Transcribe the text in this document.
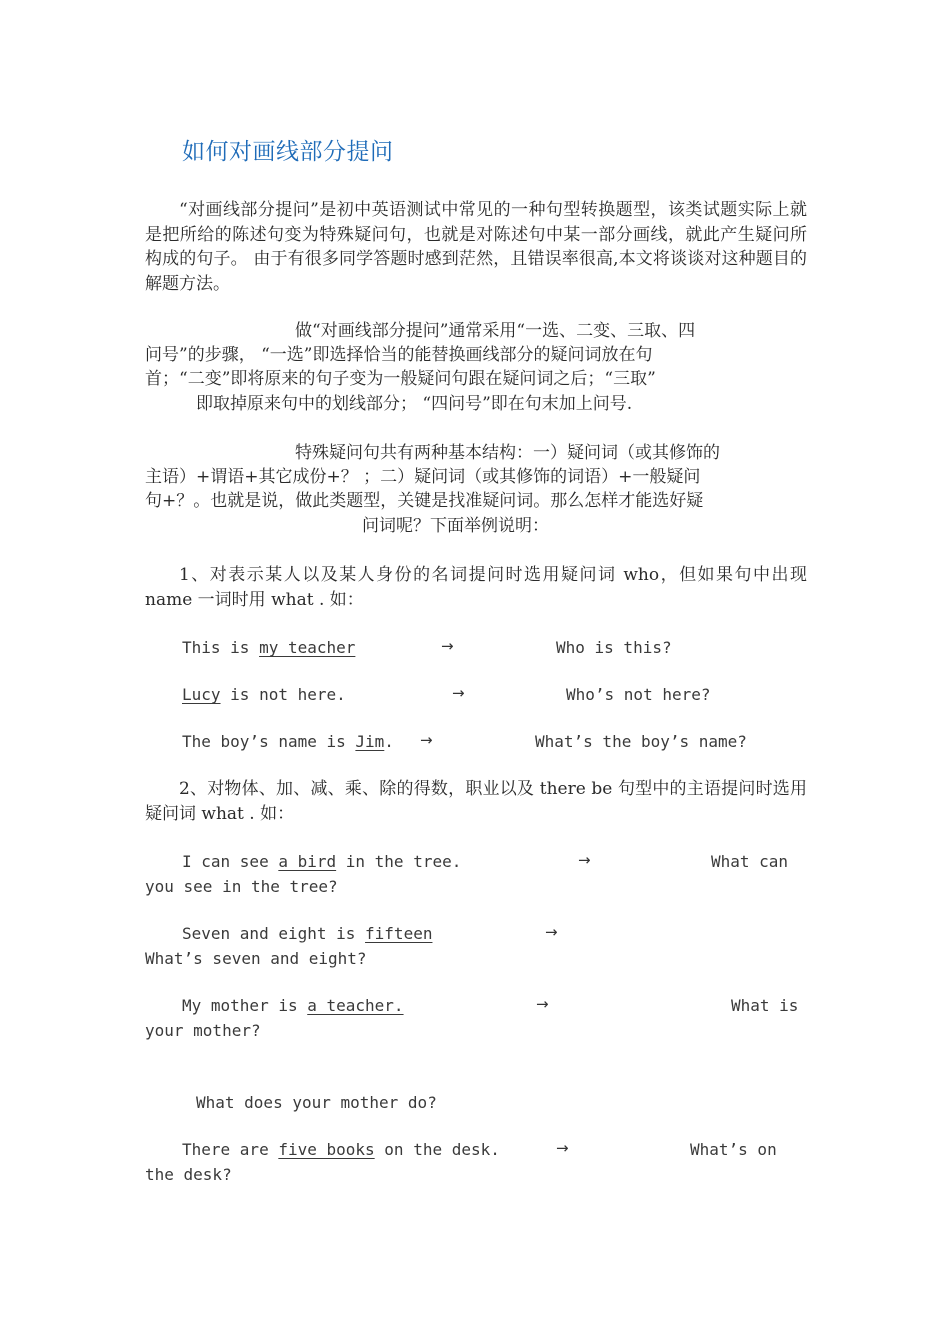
如何对画线部分提问

“对画线部分提问”是初中英语测试中常见的一种句型转换题型，该类试题实际上就是把所给的陈述句变为特殊疑问句，也就是对陈述句中某一部分画线，就此产生疑问所构成的句子。 由于有很多同学答题时感到茫然，且错误率很高,本文将谈谈对这种题目的解题方法。

做“对画线部分提问”通常采用“一选、二变、三取、四

问号”的步骤， “一选”即选择恰当的能替换画线部分的疑问词放在句

首；“二变”即将原来的句子变为一般疑问句跟在疑问词之后；“三取”

即取掉原来句中的划线部分； “四问号”即在句末加上问号.

特殊疑问句共有两种基本结构：一）疑问词（或其修饰的

主语）+谓语+其它成份+？ ；二）疑问词（或其修饰的词语）+一般疑问

句+？。也就是说，做此类题型，关键是找准疑问词。那么怎样才能选好疑

问词呢？下面举例说明：

1、对表示某人以及某人身份的名词提问时选用疑问词 who，但如果句中出现 name 一词时用 what . 如：

This is my teacher	→	Who is this?

Lucy is not here.	→	Who’s not here?

The boy’s name is Jim. →	What’s the boy’s name?

2、对物体、加、减、乘、除的得数，职业以及 there be 句型中的主语提问时选用疑问词 what . 如：

I can see a bird in the tree.	→	What can

you see in the tree?

Seven and eight is fifteen	→

What’s seven and eight?

My mother is a teacher.	→	What is

your mother?

What does your mother do?

There are five books on the desk.	→	What’s on

the desk?
